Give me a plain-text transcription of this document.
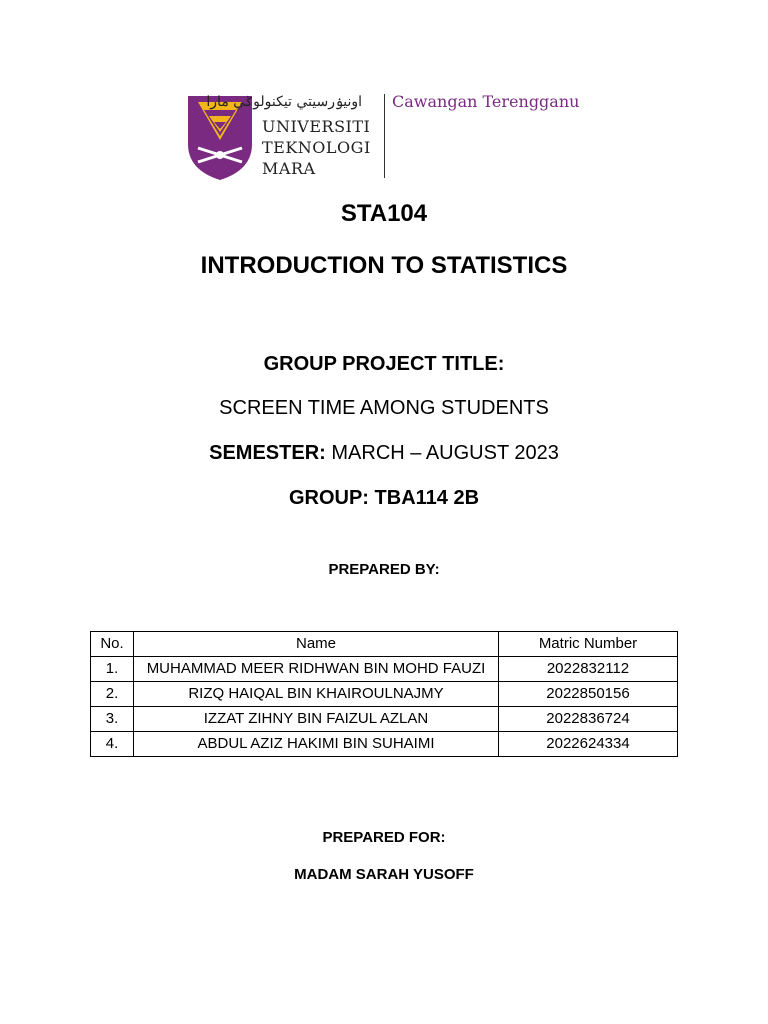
اونيۏرسيتي تيكنولوݢي مارا
UNIVERSITI
TEKNOLOGI
MARA
Cawangan Terengganu
STA104
INTRODUCTION TO STATISTICS
GROUP PROJECT TITLE:
SCREEN TIME AMONG STUDENTS
SEMESTER: MARCH – AUGUST 2023
GROUP: TBA114 2B
PREPARED BY:
No.	Name	Matric Number
1.	MUHAMMAD MEER RIDHWAN BIN MOHD FAUZI	2022832112
2.	RIZQ HAIQAL BIN KHAIROULNAJMY	2022850156
3.	IZZAT ZIHNY BIN FAIZUL AZLAN	2022836724
4.	ABDUL AZIZ HAKIMI BIN SUHAIMI	2022624334
PREPARED FOR:
MADAM SARAH YUSOFF
